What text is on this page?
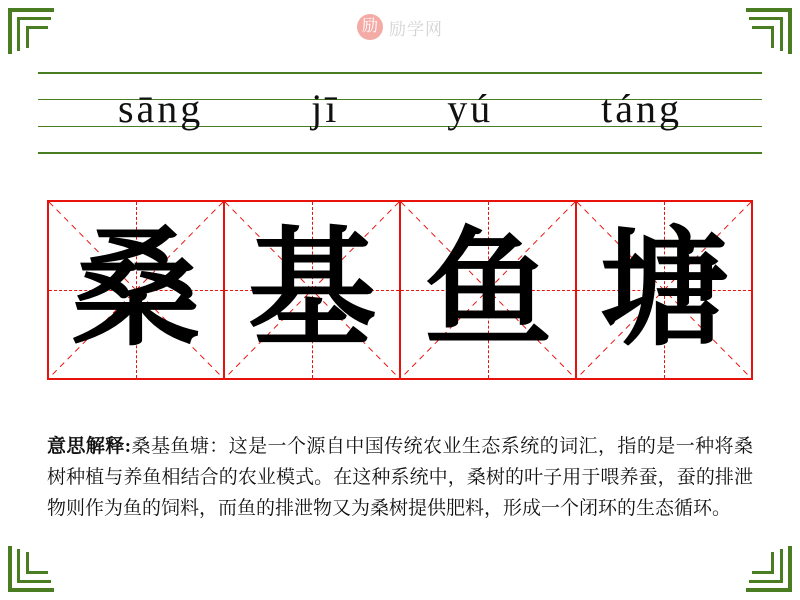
励 励学网
sāng	jī	yú	táng
桑 基 鱼 塘
意思解释:桑基鱼塘：这是一个源自中国传统农业生态系统的词汇，指的是一种将桑树种植与养鱼相结合的农业模式。在这种系统中，桑树的叶子用于喂养蚕，蚕的排泄物则作为鱼的饲料，而鱼的排泄物又为桑树提供肥料，形成一个闭环的生态循环。
